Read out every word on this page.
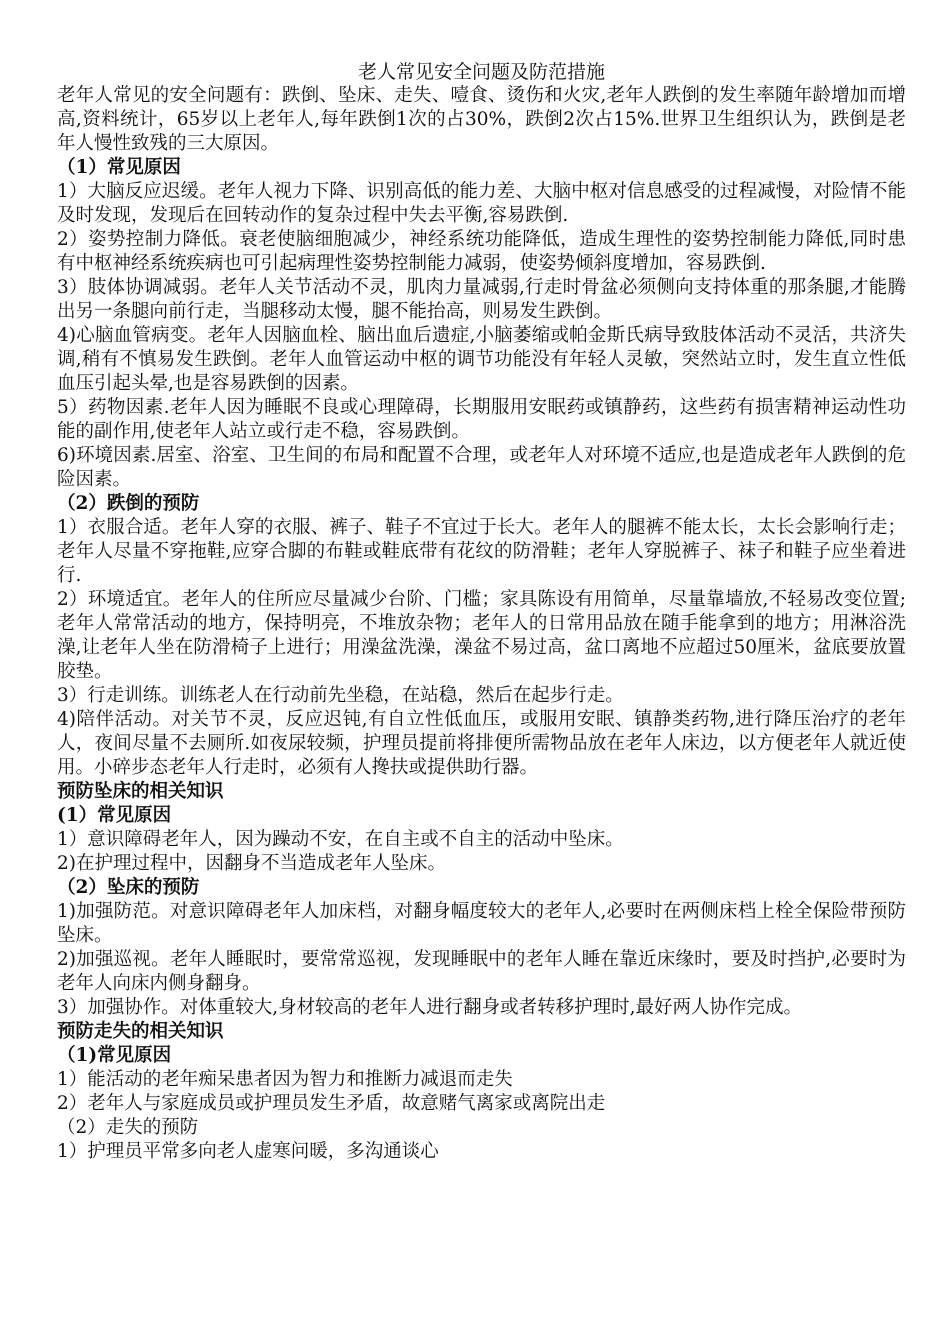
老人常见安全问题及防范措施
老年人常见的安全问题有：跌倒、坠床、走失、噎食、烫伤和火灾,老年人跌倒的发生率随年龄增加而增高,资料统计，65岁以上老年人,每年跌倒1次的占30%，跌倒2次占15%.世界卫生组织认为，跌倒是老年人慢性致残的三大原因。
（1）常见原因
1）大脑反应迟缓。老年人视力下降、识别高低的能力差、大脑中枢对信息感受的过程减慢，对险情不能及时发现，发现后在回转动作的复杂过程中失去平衡,容易跌倒.
2）姿势控制力降低。衰老使脑细胞减少，神经系统功能降低，造成生理性的姿势控制能力降低,同时患有中枢神经系统疾病也可引起病理性姿势控制能力减弱，使姿势倾斜度增加，容易跌倒.
3）肢体协调减弱。老年人关节活动不灵，肌肉力量减弱,行走时骨盆必须侧向支持体重的那条腿,才能腾出另一条腿向前行走，当腿移动太慢，腿不能抬高，则易发生跌倒。
4)心脑血管病变。老年人因脑血栓、脑出血后遗症,小脑萎缩或帕金斯氏病导致肢体活动不灵活，共济失调,稍有不慎易发生跌倒。老年人血管运动中枢的调节功能没有年轻人灵敏，突然站立时，发生直立性低血压引起头晕,也是容易跌倒的因素。
5）药物因素.老年人因为睡眠不良或心理障碍，长期服用安眠药或镇静药，这些药有损害精神运动性功能的副作用,使老年人站立或行走不稳，容易跌倒。
6)环境因素.居室、浴室、卫生间的布局和配置不合理，或老年人对环境不适应,也是造成老年人跌倒的危险因素。
（2）跌倒的预防
1）衣服合适。老年人穿的衣服、裤子、鞋子不宜过于长大。老年人的腿裤不能太长，太长会影响行走；老年人尽量不穿拖鞋,应穿合脚的布鞋或鞋底带有花纹的防滑鞋；老年人穿脱裤子、袜子和鞋子应坐着进行.
2）环境适宜。老年人的住所应尽量减少台阶、门槛；家具陈设有用简单，尽量靠墙放,不轻易改变位置;老年人常常活动的地方，保持明亮，不堆放杂物；老年人的日常用品放在随手能拿到的地方；用淋浴洗澡,让老年人坐在防滑椅子上进行；用澡盆洗澡，澡盆不易过高，盆口离地不应超过50厘米，盆底要放置胶垫。
3）行走训练。训练老人在行动前先坐稳，在站稳，然后在起步行走。
4)陪伴活动。对关节不灵，反应迟钝,有自立性低血压，或服用安眠、镇静类药物,进行降压治疗的老年人，夜间尽量不去厕所.如夜尿较频，护理员提前将排便所需物品放在老年人床边，以方便老年人就近使用。小碎步态老年人行走时，必须有人搀扶或提供助行器。
预防坠床的相关知识
(1）常见原因
1）意识障碍老年人，因为躁动不安，在自主或不自主的活动中坠床。
2)在护理过程中，因翻身不当造成老年人坠床。
（2）坠床的预防
1)加强防范。对意识障碍老年人加床档，对翻身幅度较大的老年人,必要时在两侧床档上栓全保险带预防坠床。
2)加强巡视。老年人睡眠时，要常常巡视，发现睡眠中的老年人睡在靠近床缘时，要及时挡护,必要时为老年人向床内侧身翻身。
3）加强协作。对体重较大,身材较高的老年人进行翻身或者转移护理时,最好两人协作完成。
预防走失的相关知识
（1)常见原因
1）能活动的老年痴呆患者因为智力和推断力减退而走失
2）老年人与家庭成员或护理员发生矛盾，故意赌气离家或离院出走
（2）走失的预防
1）护理员平常多向老人虚寒问暖，多沟通谈心
